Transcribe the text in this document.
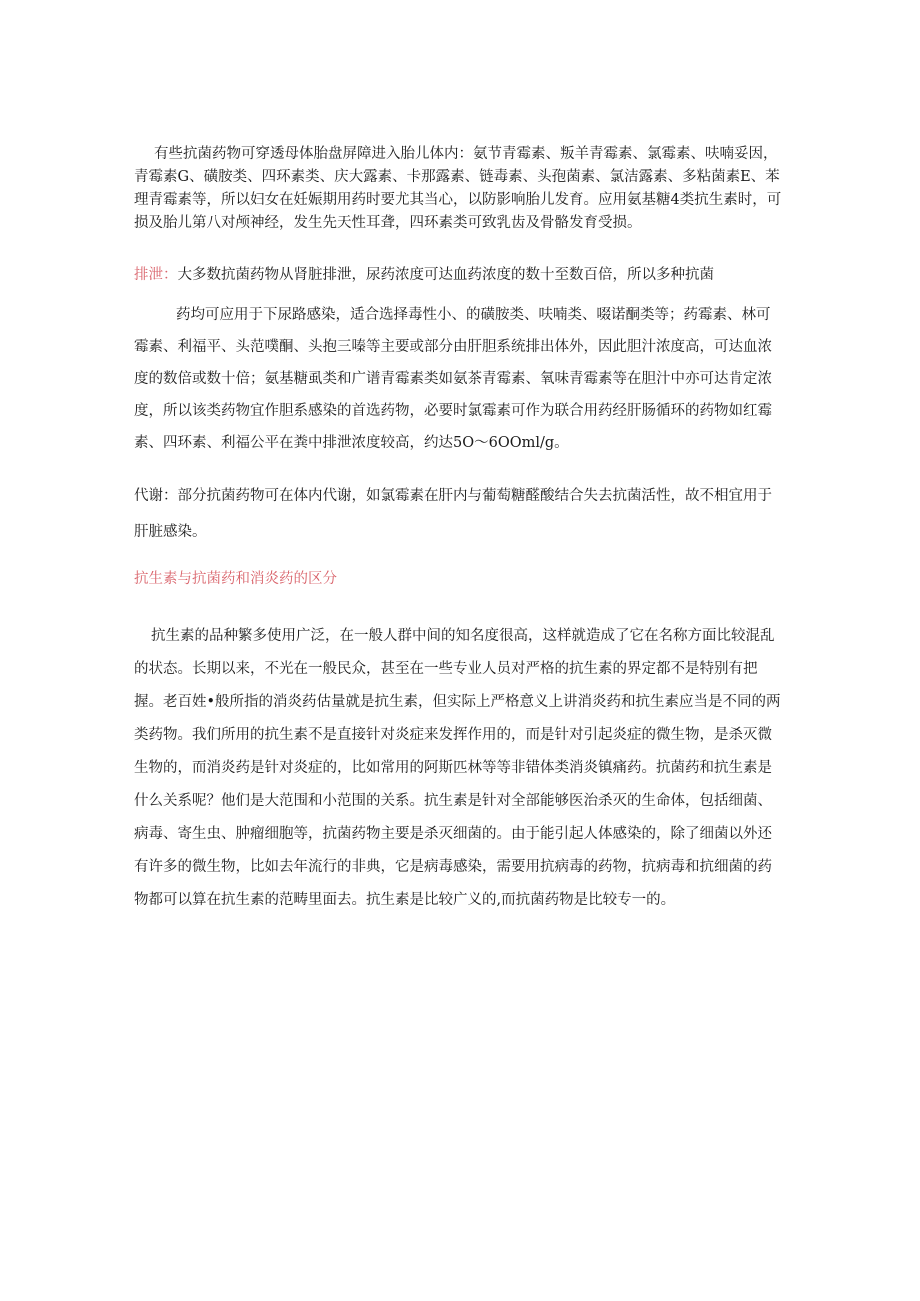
有些抗菌药物可穿透母体胎盘屏障进入胎儿体内：氨节青霉素、叛羊青霉素、氯霉素、呋喃妥因，青霉素G、磺胺类、四环素类、庆大露素、卡那露素、链毒素、头孢菌素、氯洁露素、多粘菌素E、苯理青霉素等，所以妇女在妊娠期用药时要尤其当心，以防影响胎儿发育。应用氨基糖4类抗生素时，可损及胎儿第八对颅神经，发生先天性耳聋，四环素类可致乳齿及骨骼发育受损。

排泄：大多数抗菌药物从肾脏排泄，尿药浓度可达血药浓度的数十至数百倍，所以多种抗菌

药均可应用于下尿路感染，适合选择毒性小、的磺胺类、呋喃类、啜诺酮类等；药霉素、林可霉素、利福平、头范噗酮、头抱三嗪等主要或部分由肝胆系统排出体外，因此胆汁浓度高，可达血浓度的数倍或数十倍；氨基糖虱类和广谱青霉素类如氨茶青霉素、氧味青霉素等在胆汁中亦可达肯定浓度，所以该类药物宜作胆系感染的首选药物，必要时氯霉素可作为联合用药经肝肠循环的药物如红霉素、四环素、利福公平在粪中排泄浓度较高，约达5O～6OOml/g。

代谢：部分抗菌药物可在体内代谢，如氯霉素在肝内与葡萄糖醛酸结合失去抗菌活性，故不相宜用于肝脏感染。

抗生素与抗菌药和消炎药的区分

抗生素的品种繁多使用广泛，在一般人群中间的知名度很高，这样就造成了它在名称方面比较混乱的状态。长期以来，不光在一般民众，甚至在一些专业人员对严格的抗生素的界定都不是特别有把握。老百姓•般所指的消炎药估量就是抗生素，但实际上严格意义上讲消炎药和抗生素应当是不同的两类药物。我们所用的抗生素不是直接针对炎症来发挥作用的，而是针对引起炎症的微生物，是杀灭微生物的，而消炎药是针对炎症的，比如常用的阿斯匹林等等非错体类消炎镇痛药。抗菌药和抗生素是什么关系呢？他们是大范围和小范围的关系。抗生素是针对全部能够医治杀灭的生命体，包括细菌、病毒、寄生虫、肿瘤细胞等，抗菌药物主要是杀灭细菌的。由于能引起人体感染的，除了细菌以外还有许多的微生物，比如去年流行的非典，它是病毒感染，需要用抗病毒的药物，抗病毒和抗细菌的药物都可以算在抗生素的范畴里面去。抗生素是比较广义的,而抗菌药物是比较专一的。
